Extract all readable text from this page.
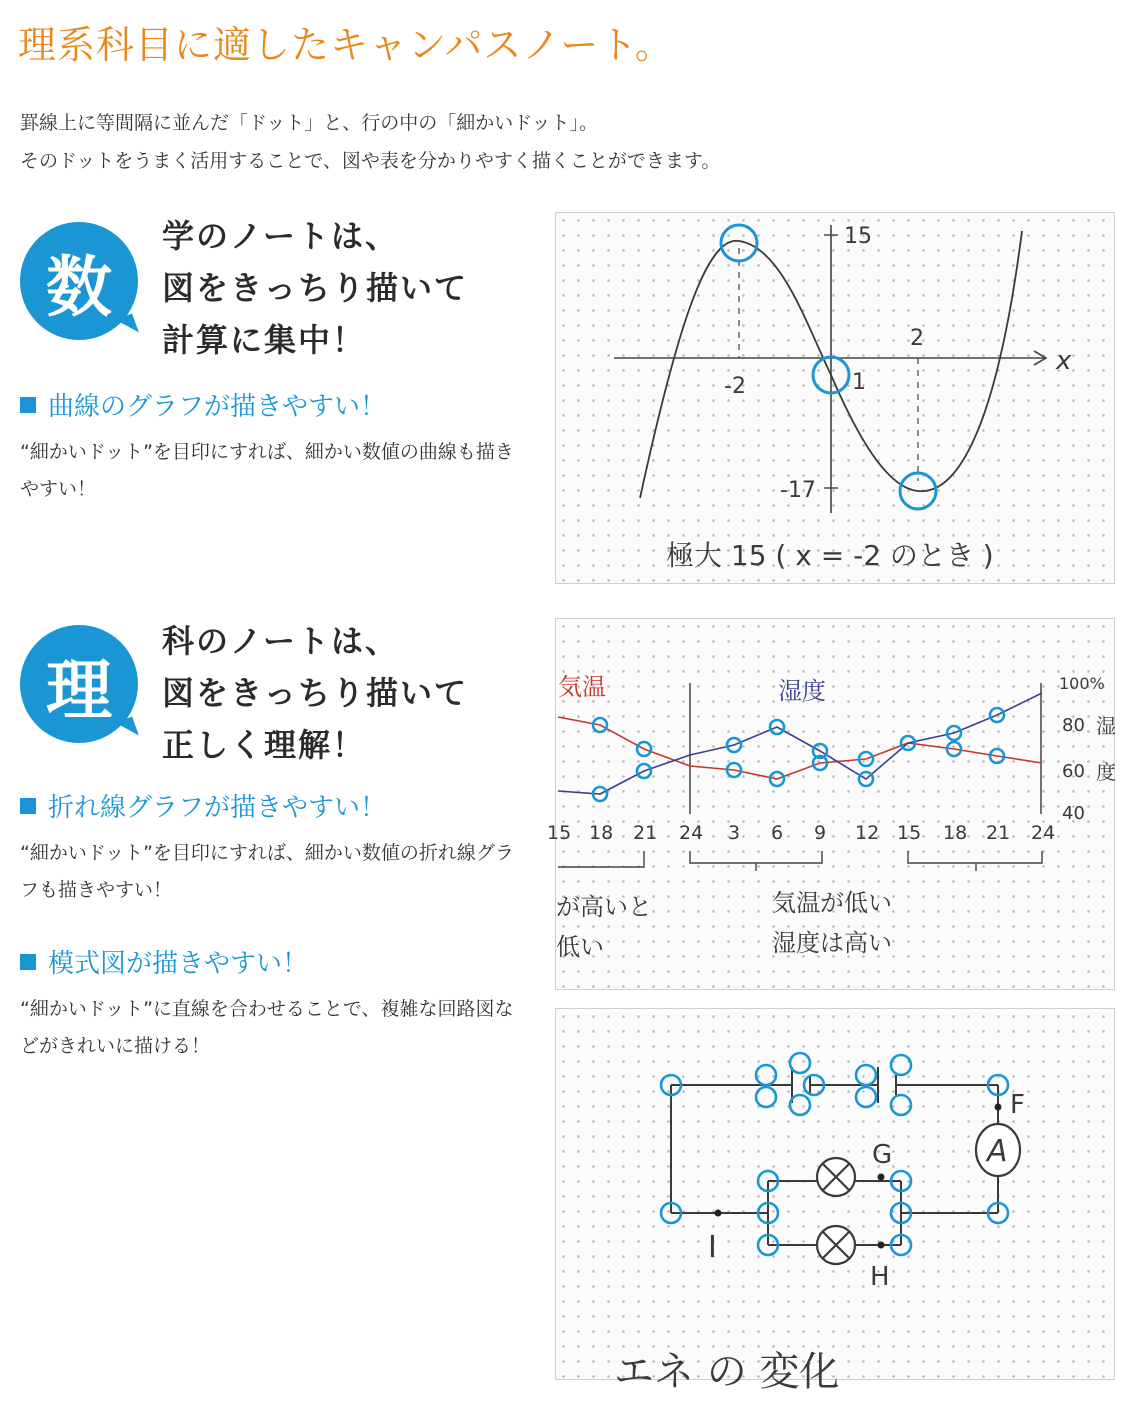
理系科目に適したキャンパスノート。

罫線上に等間隔に並んだ「ドット」と、行の中の「細かいドット」。

そのドットをうまく活用することで、図や表を分かりやすく描くことができます。

数
学のノートは、
図をきっちり描いて
計算に集中！
曲線のグラフが描きやすい！

“細かいドット”を目印にすれば、細かい数値の曲線も描きやすい！

理
科のノートは、
図をきっちり描いて
正しく理解！
折れ線グラフが描きやすい！

“細かいドット”を目印にすれば、細かい数値の折れ線グラフも描きやすい！

模式図が描きやすい！

“細かいドット”に直線を合わせることで、複雑な回路図などがきれいに描ける！

15
-2
2
x
1
-17
極大 15 ( x = -2 のとき )
気温	湿度
15 18 21 24 3 6 9 12 15 18 21 24
100%
80
60
40
湿
度
が高いと
低い
気温が低い
湿度は高い
A
F
G
H
I
エネ の 変化
